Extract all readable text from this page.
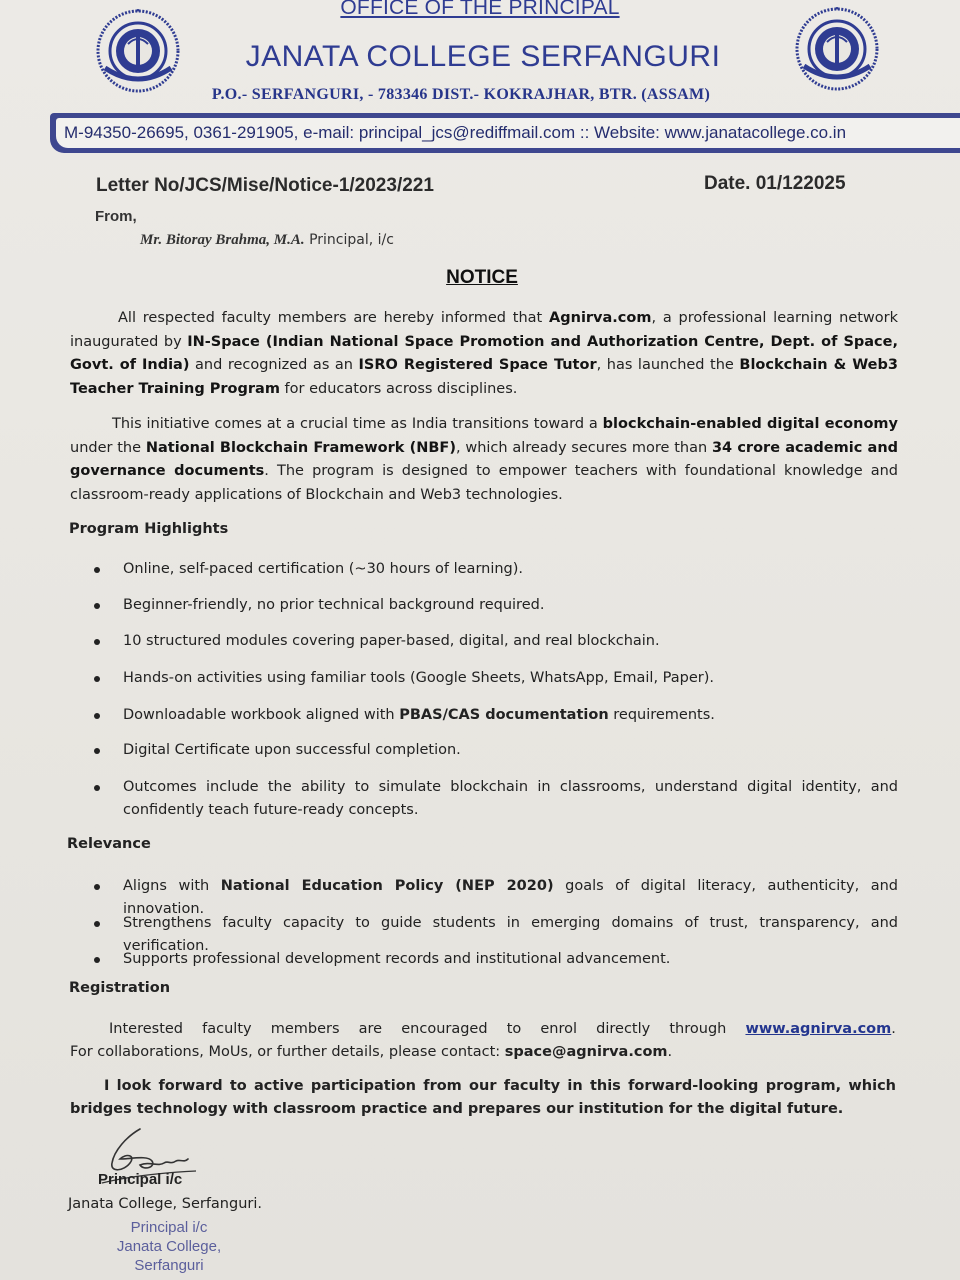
OFFICE OF THE PRINCIPAL
JANATA COLLEGE SERFANGURI
P.O.- SERFANGURI, - 783346 DIST.- KOKRAJHAR, BTR. (ASSAM)
M-94350-26695, 0361-291905, e-mail: principal_jcs@rediffmail.com :: Website: www.janatacollege.co.in
Letter No/JCS/Mise/Notice-1/2023/221	Date. 01/122025
From,
Mr. Bitoray Brahma, M.A. Principal, i/c
NOTICE
All respected faculty members are hereby informed that Agnirva.com, a professional learning network inaugurated by IN-Space (Indian National Space Promotion and Authorization Centre, Dept. of Space, Govt. of India) and recognized as an ISRO Registered Space Tutor, has launched the Blockchain & Web3 Teacher Training Program for educators across disciplines.
This initiative comes at a crucial time as India transitions toward a blockchain-enabled digital economy under the National Blockchain Framework (NBF), which already secures more than 34 crore academic and governance documents. The program is designed to empower teachers with foundational knowledge and classroom-ready applications of Blockchain and Web3 technologies.
Program Highlights
Online, self-paced certification (~30 hours of learning).
Beginner-friendly, no prior technical background required.
10 structured modules covering paper-based, digital, and real blockchain.
Hands-on activities using familiar tools (Google Sheets, WhatsApp, Email, Paper).
Downloadable workbook aligned with PBAS/CAS documentation requirements.
Digital Certificate upon successful completion.
Outcomes include the ability to simulate blockchain in classrooms, understand digital identity, and confidently teach future-ready concepts.
Relevance
Aligns with National Education Policy (NEP 2020) goals of digital literacy, authenticity, and innovation.
Strengthens faculty capacity to guide students in emerging domains of trust, transparency, and verification.
Supports professional development records and institutional advancement.
Registration
Interested faculty members are encouraged to enrol directly through www.agnirva.com.
For collaborations, MoUs, or further details, please contact: space@agnirva.com.
I look forward to active participation from our faculty in this forward-looking program, which bridges technology with classroom practice and prepares our institution for the digital future.
Principal i/c
Janata College, Serfanguri.
Principal i/c
Janata College,
Serfanguri
